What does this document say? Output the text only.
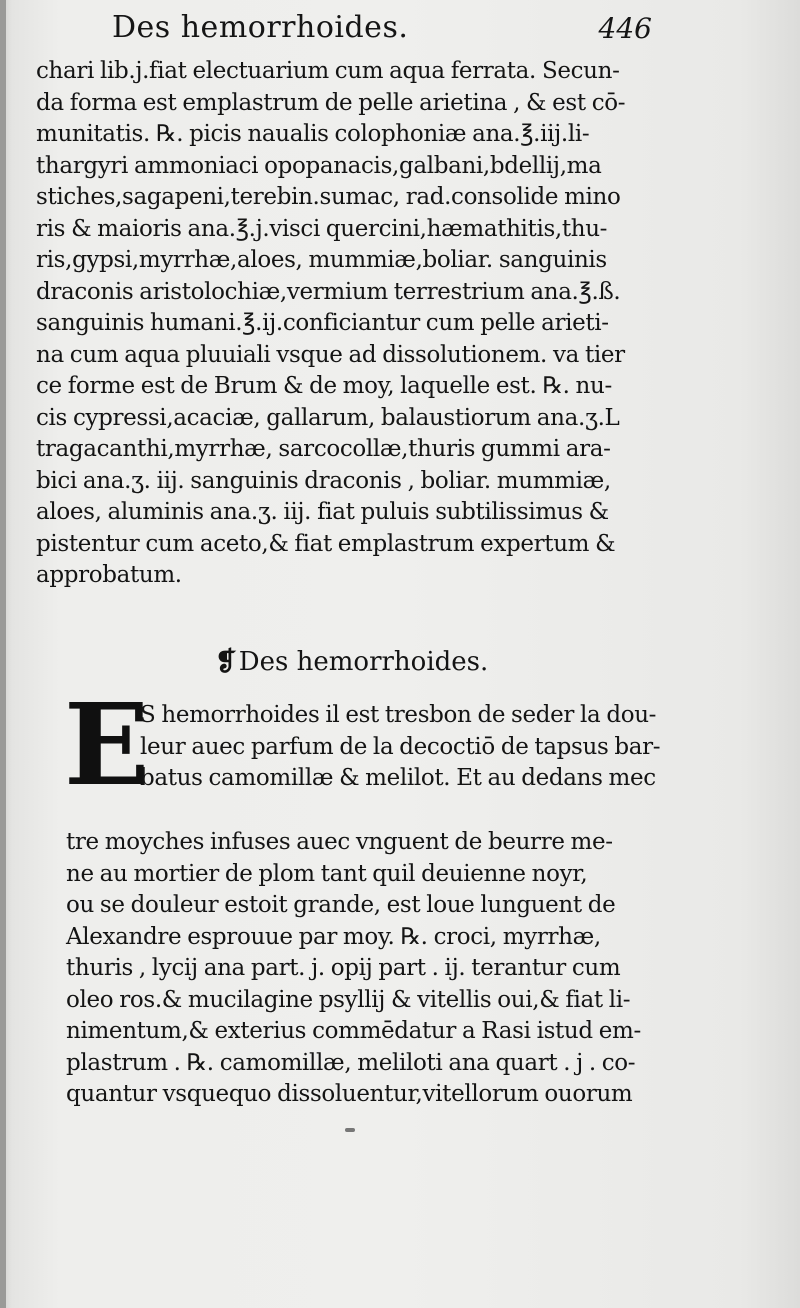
Des hemorrhoides.	446
chari lib.j.fiat electuarium cum aqua ferrata. Secun-
da forma est emplastrum de pelle arietina , & est cō-
munitatis. ℞. picis naualis colophoniæ ana.℥.iij.li-
thargyri ammoniaci opopanacis,galbani,bdellij,ma
stiches,sagapeni,terebin.sumac, rad.consolide mino
ris & maioris ana.℥.j.visci quercini,hæmathitis,thu-
ris,gypsi,myrrhæ,aloes, mummiæ,boliar. sanguinis
draconis aristolochiæ,vermium terrestrium ana.℥.ß.
sanguinis humani.℥.ij.conficiantur cum pelle arieti-
na cum aqua pluuiali vsque ad dissolutionem. va tier
ce forme est de Brum & de moy, laquelle est. ℞. nu-
cis cypressi,acaciæ, gallarum, balaustiorum ana.ʒ.L
tragacanthi,myrrhæ, sarcocollæ,thuris gummi ara-
bici ana.ʒ. iij. sanguinis draconis , boliar. mummiæ,
aloes, aluminis ana.ʒ. iij. fiat puluis subtilissimus &
pistentur cum aceto,& fiat emplastrum expertum &
approbatum.
❡Des hemorrhoides.
E
S hemorrhoides il est tresbon de seder la dou-
leur auec parfum de la decoctiō de tapsus bar-
batus camomillæ & melilot. Et au dedans mec
tre moyches infuses auec vnguent de beurre me-
ne au mortier de plom tant quil deuienne noyr,
ou se douleur estoit grande, est loue lunguent de
Alexandre esprouue par moy. ℞. croci, myrrhæ,
thuris , lycij ana part. j. opij part . ij. terantur cum
oleo ros.& mucilagine psyllij & vitellis oui,& fiat li-
nimentum,& exterius commēdatur a Rasi istud em-
plastrum . ℞. camomillæ, meliloti ana quart . j . co-
quantur vsquequo dissoluentur,vitellorum ouorum
